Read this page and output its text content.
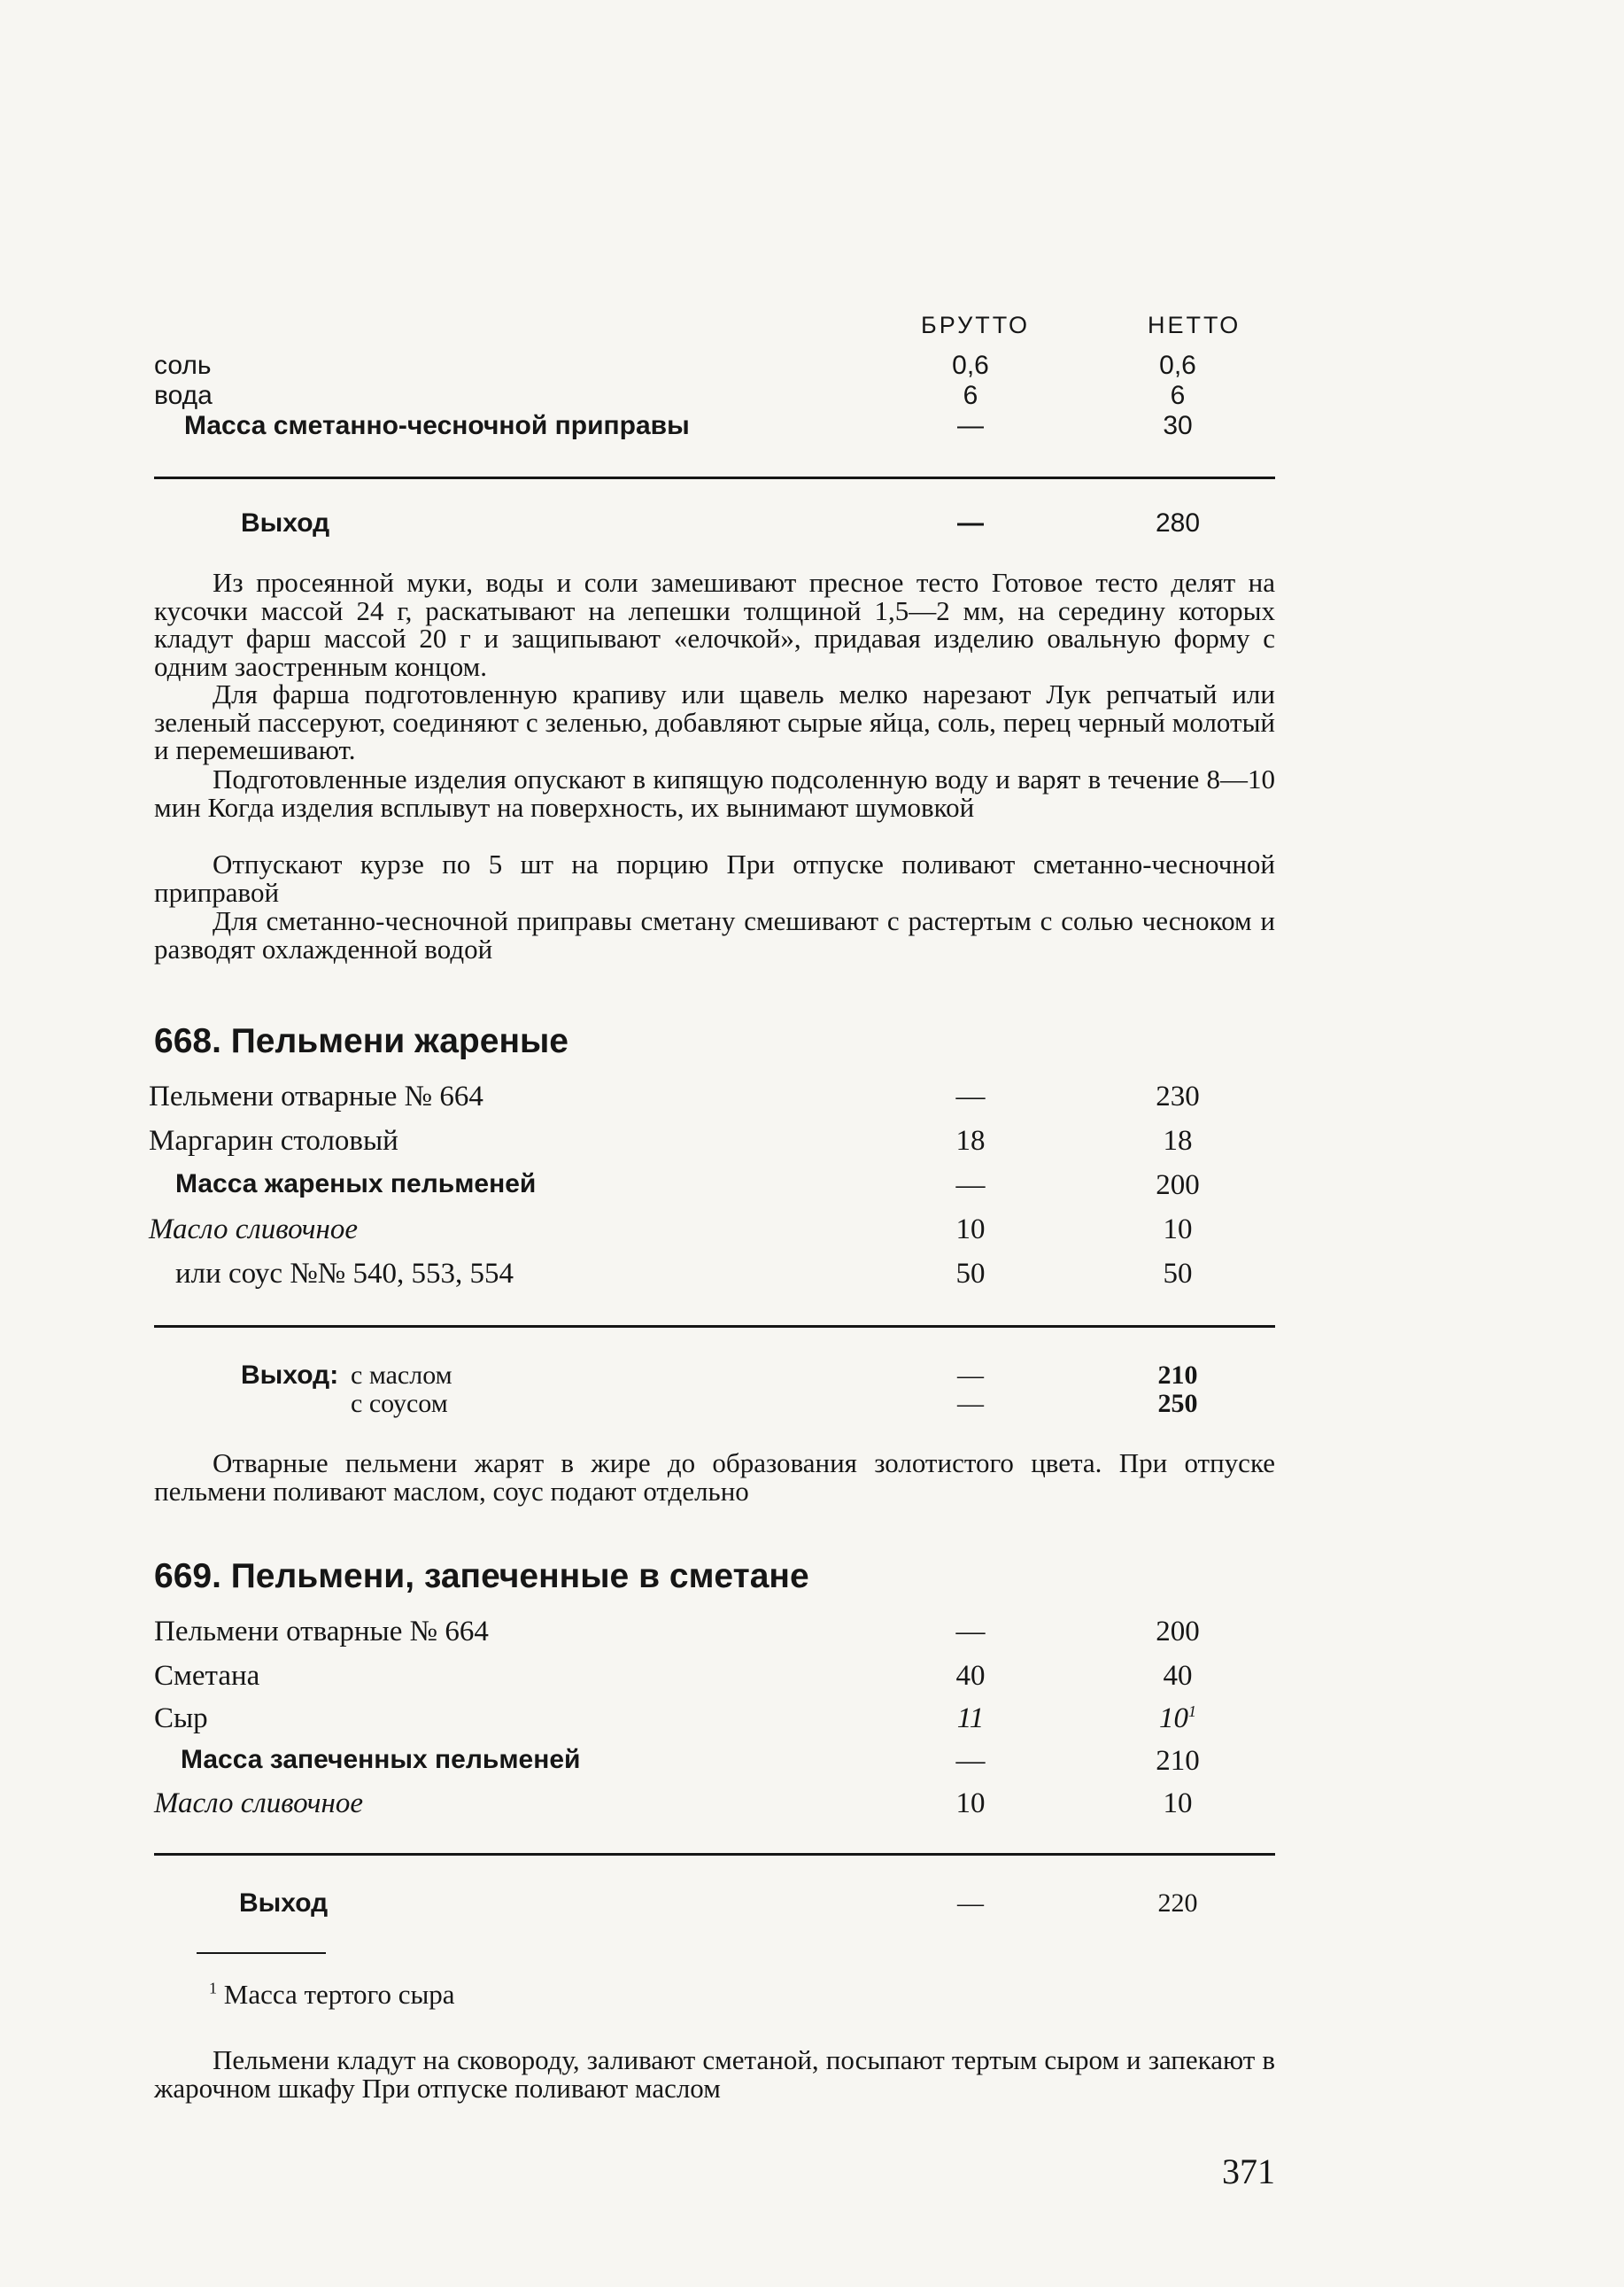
БРУТТО	НЕТТО
соль	0,6	0,6
вода	6	6
Масса сметанно-чесночной приправы	—	30
Выход	—	280

Из просеянной муки, воды и соли замешивают пресное тесто Готовое тесто делят на кусочки массой 24 г, раскатывают на лепешки толщиной 1,5—2 мм, на середину которых кладут фарш массой 20 г и защипывают «елочкой», придавая изделию овальную форму с одним заостренным концом.

Для фарша подготовленную крапиву или щавель мелко нарезают Лук репчатый или зеленый пассеруют, соединяют с зеленью, добавляют сырые яйца, соль, перец черный молотый и перемешивают.

Подготовленные изделия опускают в кипящую подсоленную воду и варят в течение 8—10 мин Когда изделия всплывут на поверхность, их вынимают шумовкой

Отпускают курзе по 5 шт на порцию При отпуске поливают сметанно-чесночной приправой

Для сметанно-чесночной приправы сметану смешивают с растертым с солью чесноком и разводят охлажденной водой

668. Пельмени жареные
Пельмени отварные № 664	—	230
Маргарин столовый	18	18
Масса жареных пельменей	—	200
Масло сливочное	10	10
или соус №№ 540, 553, 554	50	50
Выход: с маслом	—	210
с соусом	—	250

Отварные пельмени жарят в жире до образования золотистого цвета. При отпуске пельмени поливают маслом, соус подают отдельно

669. Пельмени, запеченные в сметане
Пельмени отварные № 664	—	200
Сметана	40	40
Сыр	11	10$^1$
Масса запеченных пельменей	—	210
Масло сливочное	10	10
Выход	—	220
$^1$ Масса тертого сыра

Пельмени кладут на сковороду, заливают сметаной, посыпают тертым сыром и запекают в жарочном шкафу При отпуске поливают маслом

371
